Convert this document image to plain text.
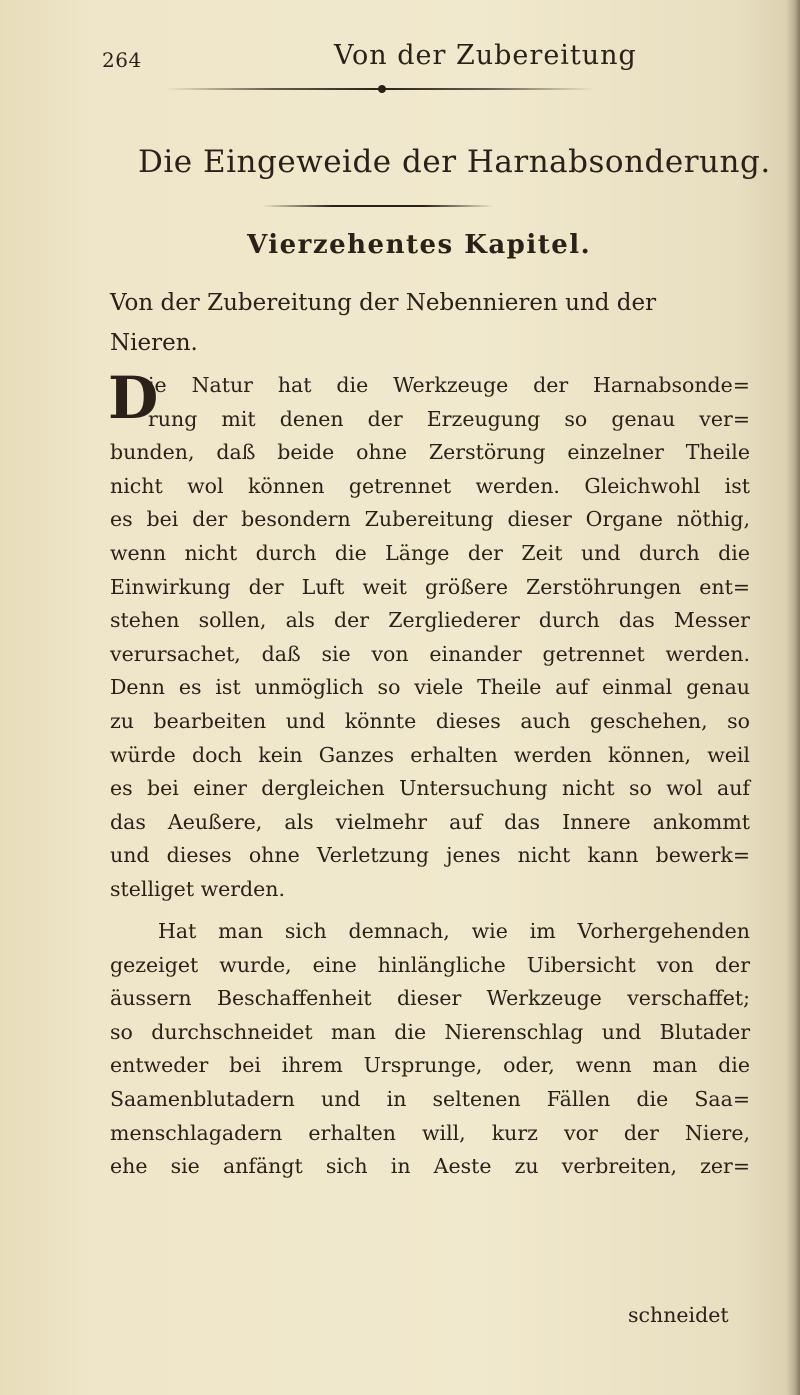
264	Von der Zubereitung
Die Eingeweide der Harnabsonderung.
Vierzehentes Kapitel.
Von der Zubereitung der Nebennieren und der
Nieren.
D
ie Natur hat die Werkzeuge der Harnabsonde=
rung mit denen der Erzeugung so genau ver=
bunden, daß beide ohne Zerstörung einzelner Theile
nicht wol können getrennet werden. Gleichwohl ist
es bei der besondern Zubereitung dieser Organe nöthig,
wenn nicht durch die Länge der Zeit und durch die
Einwirkung der Luft weit größere Zerstöhrungen ent=
stehen sollen, als der Zergliederer durch das Messer
verursachet, daß sie von einander getrennet werden.
Denn es ist unmöglich so viele Theile auf einmal genau
zu bearbeiten und könnte dieses auch geschehen, so
würde doch kein Ganzes erhalten werden können, weil
es bei einer dergleichen Untersuchung nicht so wol auf
das Aeußere, als vielmehr auf das Innere ankommt
und dieses ohne Verletzung jenes nicht kann bewerk=
stelliget werden.
Hat man sich demnach, wie im Vorhergehenden
gezeiget wurde, eine hinlängliche Uibersicht von der
äussern Beschaffenheit dieser Werkzeuge verschaffet;
so durchschneidet man die Nierenschlag und Blutader
entweder bei ihrem Ursprunge, oder, wenn man die
Saamenblutadern und in seltenen Fällen die Saa=
menschlagadern erhalten will, kurz vor der Niere,
ehe sie anfängt sich in Aeste zu verbreiten, zer=
schneidet
